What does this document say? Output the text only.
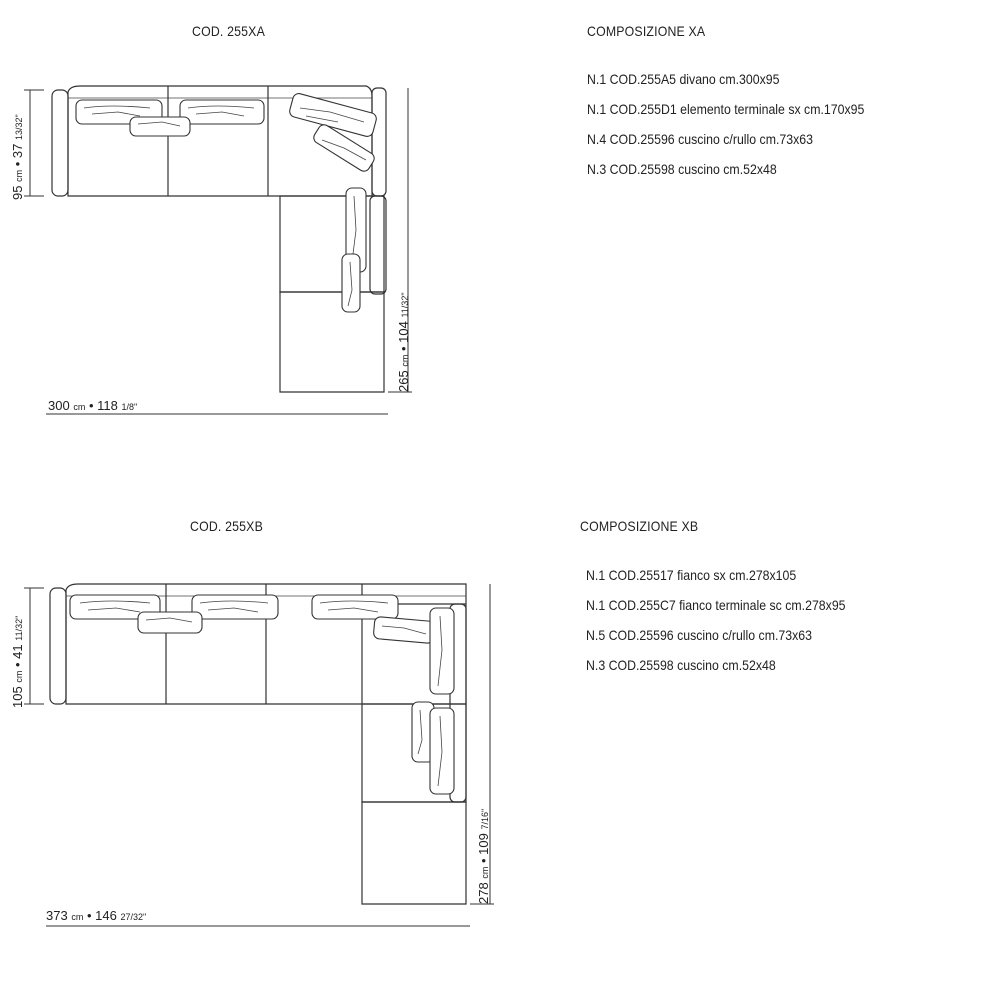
COD. 255XA	COMPOSIZIONE XA
N.1 COD.255A5 divano cm.300x95
N.1 COD.255D1 elemento terminale sx cm.170x95
N.4 COD.25596 cuscino c/rullo cm.73x63
N.3 COD.25598 cuscino cm.52x48
95 cm • 37 13/32"
265 cm • 104 11/32"
300 cm • 118 1/8"
COD. 255XB	COMPOSIZIONE XB
N.1 COD.25517 fianco sx cm.278x105
N.1 COD.255C7 fianco terminale sc cm.278x95
N.5 COD.25596 cuscino c/rullo cm.73x63
N.3 COD.25598 cuscino cm.52x48
105 cm • 41 11/32"
278 cm • 109 7/16"
373 cm • 146 27/32"
